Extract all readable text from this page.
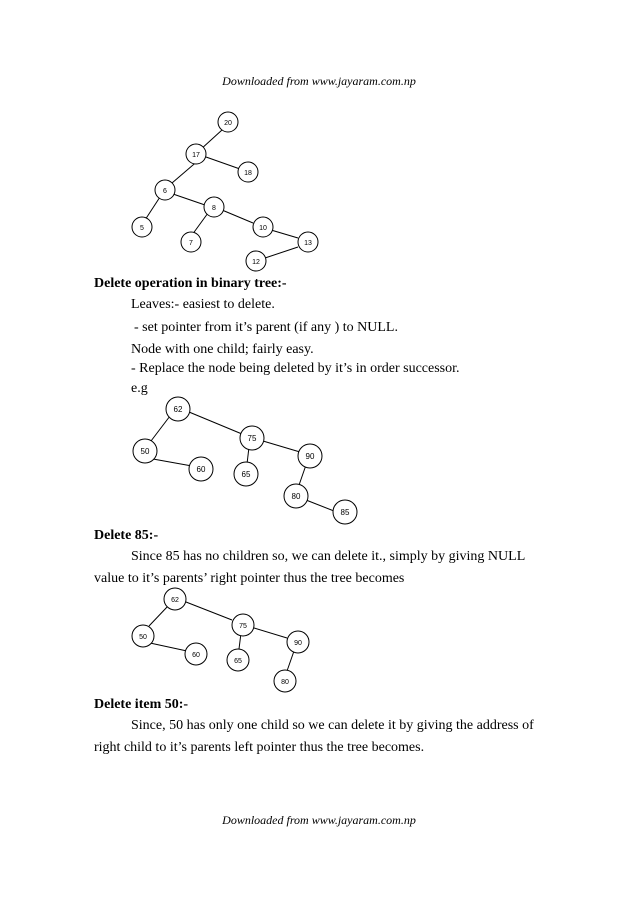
Downloaded from www.jayaram.com.np
20
17
18
6
8
5	10
7	13
12
Delete operation in binary tree:-
Leaves:- easiest to delete.
- set pointer from it’s parent (if any ) to NULL.
Node with one child; fairly easy.
- Replace the node being deleted by it’s in order successor.
e.g
62
75
50
90
60
65
80
85
Delete 85:-
Since 85 has no children so, we can delete it., simply by giving NULL
value to it’s parents’ right pointer thus the tree becomes
62
75
50
90
60
65
80
Delete item 50:-
Since, 50 has only one child so we can delete it by giving the address of
right child to it’s parents left pointer thus the tree becomes.
Downloaded from www.jayaram.com.np
